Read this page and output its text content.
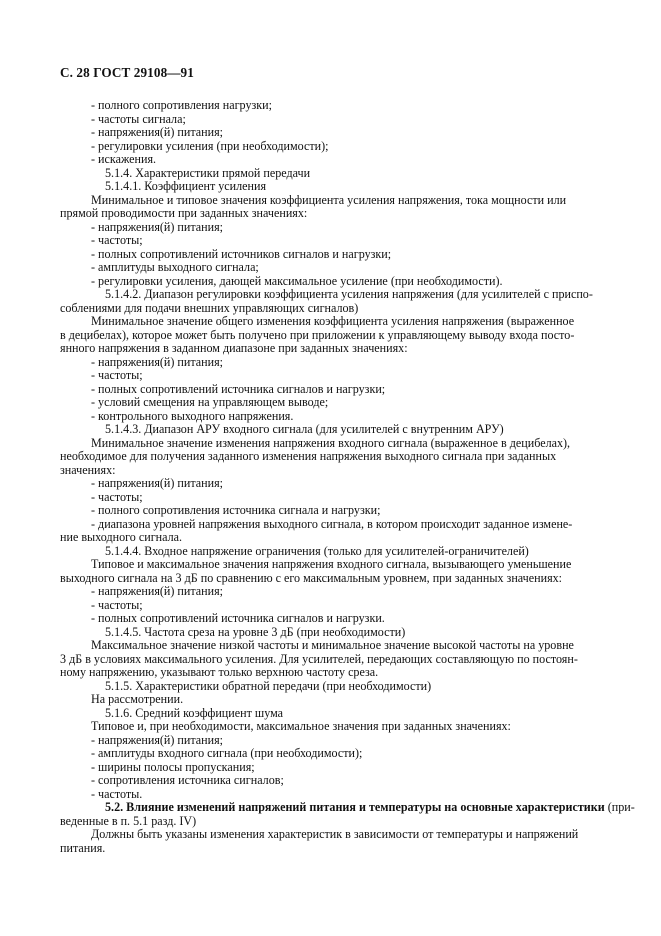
С. 28 ГОСТ 29108—91
- полного сопротивления нагрузки;
- частоты сигнала;
- напряжения(й) питания;
- регулировки усиления (при необходимости);
- искажения.
5.1.4. Характеристики прямой передачи
5.1.4.1. Коэффициент усиления
Минимальное и типовое значения коэффициента усиления напряжения, тока мощности или
прямой проводимости при заданных значениях:
- напряжения(й) питания;
- частоты;
- полных сопротивлений источников сигналов и нагрузки;
- амплитуды выходного сигнала;
- регулировки усиления, дающей максимальное усиление (при необходимости).
5.1.4.2. Диапазон регулировки коэффициента усиления напряжения (для усилителей с приспо-
соблениями для подачи внешних управляющих сигналов)
Минимальное значение общего изменения коэффициента усиления напряжения (выраженное
в децибелах), которое может быть получено при приложении к управляющему выводу входа посто-
янного напряжения в заданном диапазоне при заданных значениях:
- напряжения(й) питания;
- частоты;
- полных сопротивлений источника сигналов и нагрузки;
- условий смещения на управляющем выводе;
- контрольного выходного напряжения.
5.1.4.3. Диапазон АРУ входного сигнала (для усилителей с внутренним АРУ)
Минимальное значение изменения напряжения входного сигнала (выраженное в децибелах),
необходимое для получения заданного изменения напряжения выходного сигнала при заданных
значениях:
- напряжения(й) питания;
- частоты;
- полного сопротивления источника сигнала и нагрузки;
- диапазона уровней напряжения выходного сигнала, в котором происходит заданное измене-
ние выходного сигнала.
5.1.4.4. Входное напряжение ограничения (только для усилителей-ограничителей)
Типовое и максимальное значения напряжения входного сигнала, вызывающего уменьшение
выходного сигнала на 3 дБ по сравнению с его максимальным уровнем, при заданных значениях:
- напряжения(й) питания;
- частоты;
- полных сопротивлений источника сигналов и нагрузки.
5.1.4.5. Частота среза на уровне 3 дБ (при необходимости)
Максимальное значение низкой частоты и минимальное значение высокой частоты на уровне
3 дБ в условиях максимального усиления. Для усилителей, передающих составляющую по постоян-
ному напряжению, указывают только верхнюю частоту среза.
5.1.5. Характеристики обратной передачи (при необходимости)
На рассмотрении.
5.1.6. Средний коэффициент шума
Типовое и, при необходимости, максимальное значения при заданных значениях:
- напряжения(й) питания;
- амплитуды входного сигнала (при необходимости);
- ширины полосы пропускания;
- сопротивления источника сигналов;
- частоты.
5.2. Влияние изменений напряжений питания и температуры на основные характеристики (при-
веденные в п. 5.1 разд. IV)
Должны быть указаны изменения характеристик в зависимости от температуры и напряжений
питания.
